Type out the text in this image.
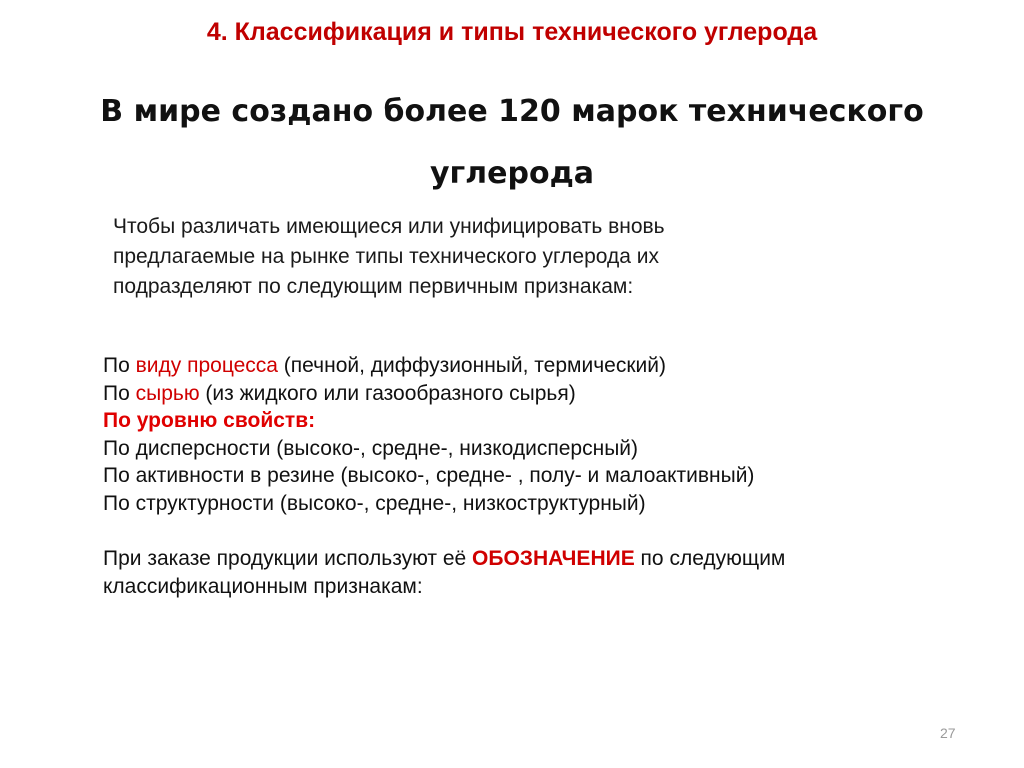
4. Классификация и типы технического углерода
В мире создано более 120 марок технического
углерода
Чтобы различать имеющиеся или унифицировать вновь
предлагаемые на рынке типы технического углерода их
подразделяют по следующим первичным признакам:
По виду процесса (печной, диффузионный, термический)
По сырью (из жидкого или газообразного сырья)
По уровню свойств:
По дисперсности (высоко-, средне-, низкодисперсный)
По активности в резине (высоко-, средне- , полу- и малоактивный)
По структурности (высоко-, средне-, низкоструктурный)
При заказе продукции используют её ОБОЗНАЧЕНИЕ по следующим
классификационным признакам:
27
